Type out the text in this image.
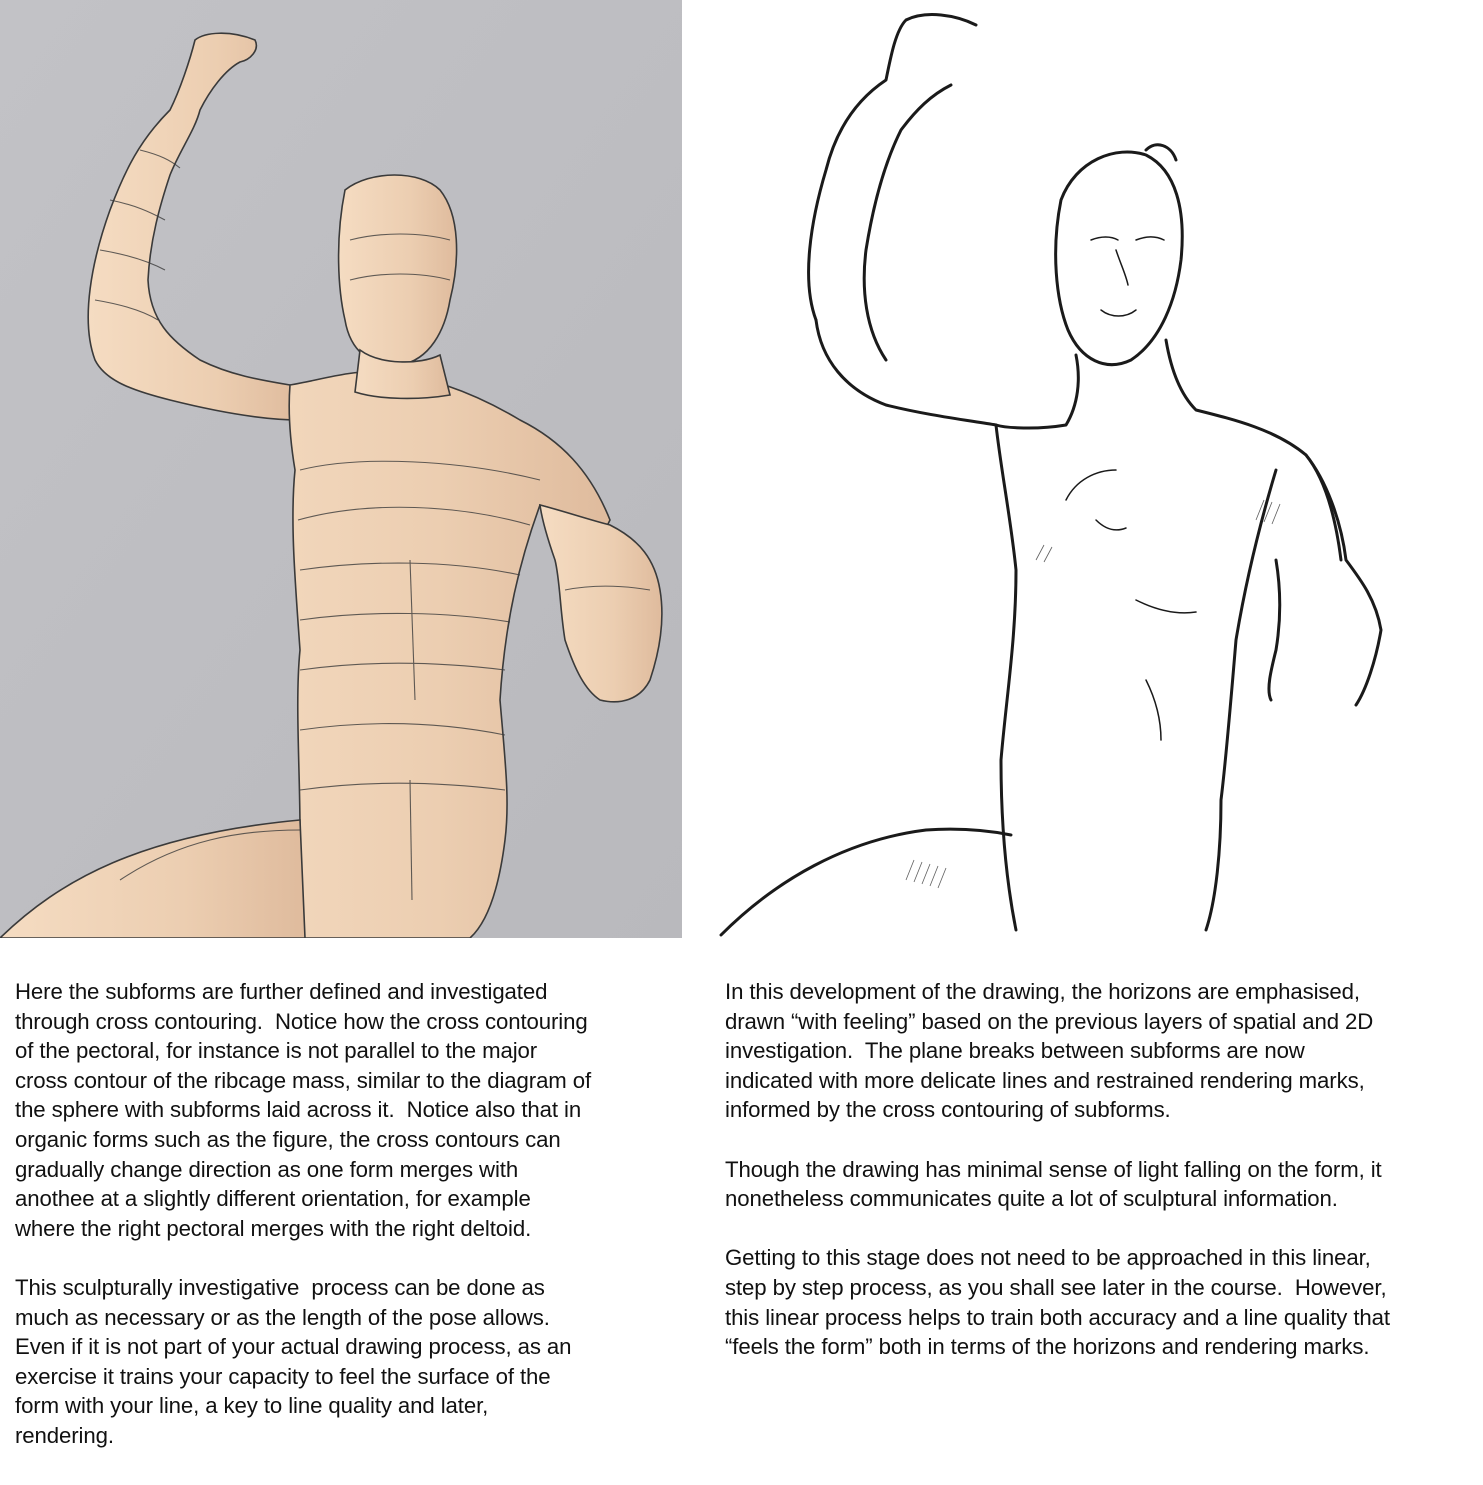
Here the subforms are further defined and investigated
through cross contouring.  Notice how the cross contouring
of the pectoral, for instance is not parallel to the major
cross contour of the ribcage mass, similar to the diagram of
the sphere with subforms laid across it.  Notice also that in
organic forms such as the figure, the cross contours can
gradually change direction as one form merges with
anothee at a slightly different orientation, for example
where the right pectoral merges with the right deltoid.
This sculpturally investigative  process can be done as
much as necessary or as the length of the pose allows.
Even if it is not part of your actual drawing process, as an
exercise it trains your capacity to feel the surface of the
form with your line, a key to line quality and later,
rendering.
In this development of the drawing, the horizons are emphasised,
drawn “with feeling” based on the previous layers of spatial and 2D
investigation.  The plane breaks between subforms are now
indicated with more delicate lines and restrained rendering marks,
informed by the cross contouring of subforms.
Though the drawing has minimal sense of light falling on the form, it
nonetheless communicates quite a lot of sculptural information.
Getting to this stage does not need to be approached in this linear,
step by step process, as you shall see later in the course.  However,
this linear process helps to train both accuracy and a line quality that
“feels the form” both in terms of the horizons and rendering marks.
